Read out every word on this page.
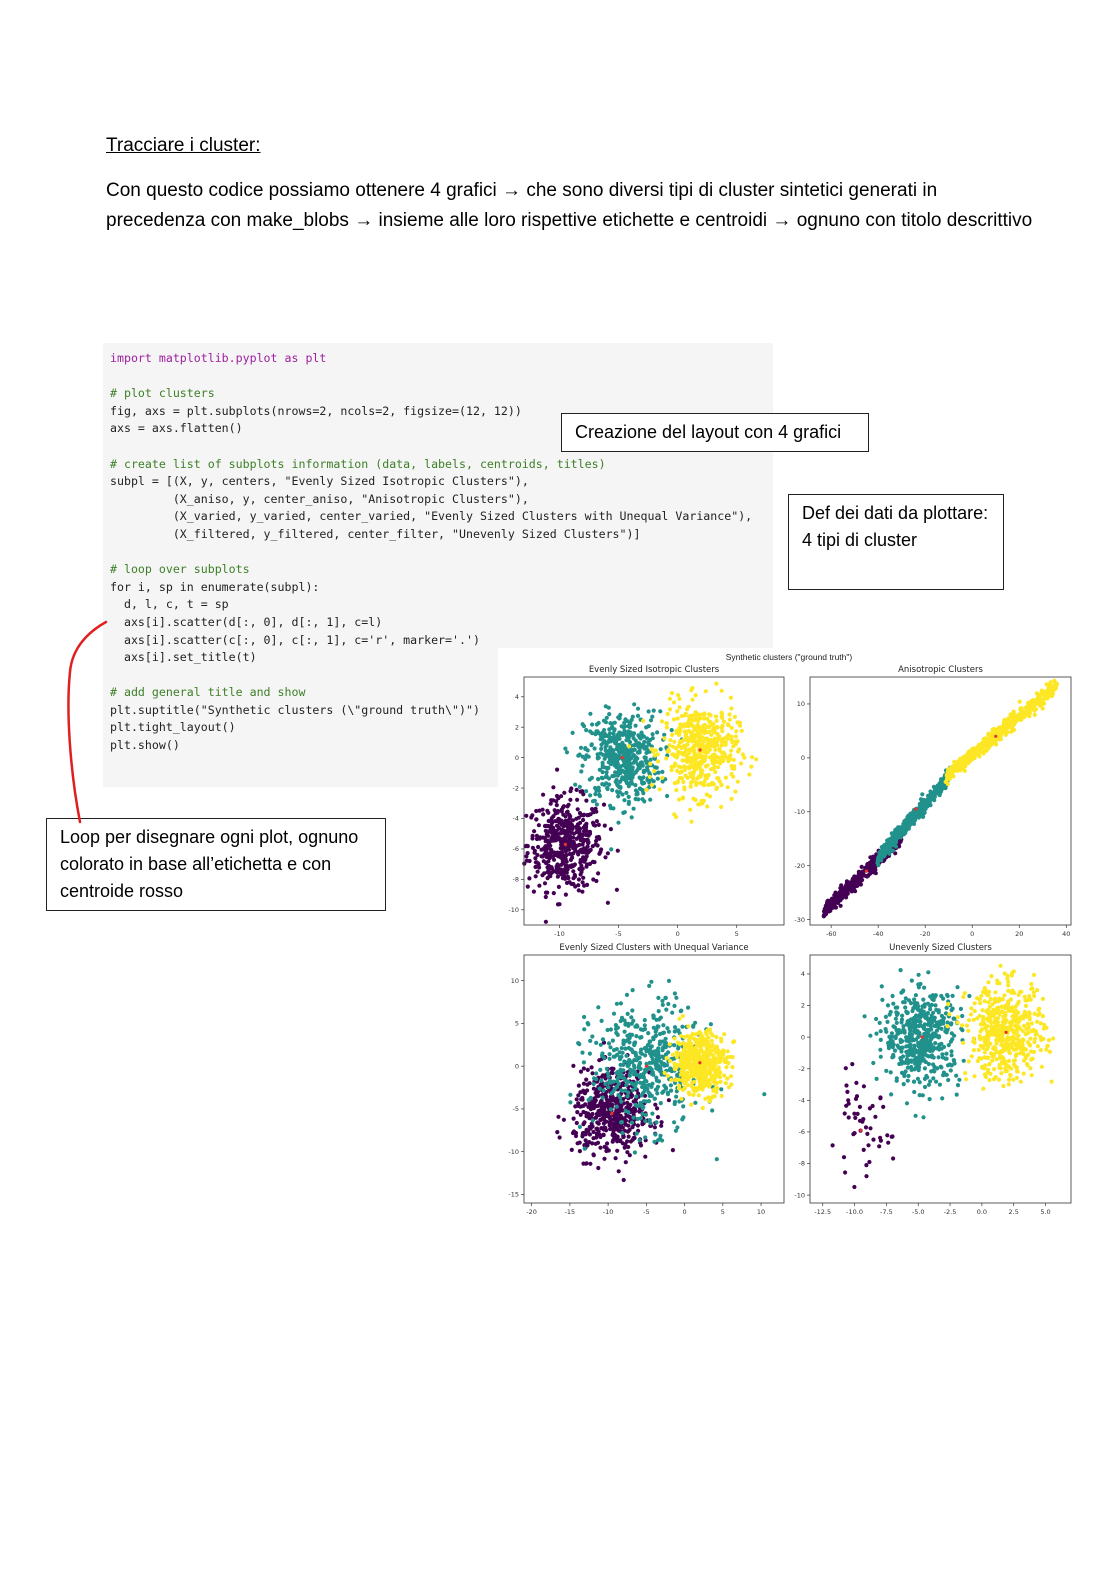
Tracciare i cluster:
Con questo codice possiamo ottenere 4 grafici → che sono diversi tipi di cluster sintetici generati in precedenza con make_blobs → insieme alle loro rispettive etichette e centroidi → ognuno con titolo descrittivo
import matplotlib.pyplot as plt

# plot clusters
fig, axs = plt.subplots(nrows=2, ncols=2, figsize=(12, 12))
axs = axs.flatten()

# create list of subplots information (data, labels, centroids, titles)
subpl = [(X, y, centers, "Evenly Sized Isotropic Clusters"),
(X_aniso, y, center_aniso, "Anisotropic Clusters"),
(X_varied, y_varied, center_varied, "Evenly Sized Clusters with Unequal Variance"),
(X_filtered, y_filtered, center_filter, "Unevenly Sized Clusters")]

# loop over subplots
for i, sp in enumerate(subpl):
d, l, c, t = sp
axs[i].scatter(d[:, 0], d[:, 1], c=l)
axs[i].scatter(c[:, 0], c[:, 1], c='r', marker='.')
axs[i].set_title(t)

# add general title and show
plt.suptitle("Synthetic clusters (\"ground truth\")")
plt.tight_layout()
plt.show()
Creazione del layout con 4 grafici
Def dei dati da plottare: 4 tipi di cluster
Loop per disegnare ogni plot, ognuno colorato in base all’etichetta e con centroide rosso
Synthetic clusters ("ground truth")
Evenly Sized Isotropic Clusters
-10	-5	0	5
-10
-8
-6
-4
-2
0
2
4
Anisotropic Clusters
-60	-40	-20	0	20	40
-30
-20
-10
0
10
Evenly Sized Clusters with Unequal Variance
-20	-15	-10	-5	0	5	10
-15
-10
-5
0
5
10
Unevenly Sized Clusters
-12.5 -10.0	-7.5	-5.0	-2.5	0.0	2.5	5.0
-10
-8
-6
-4
-2
0
2
4
